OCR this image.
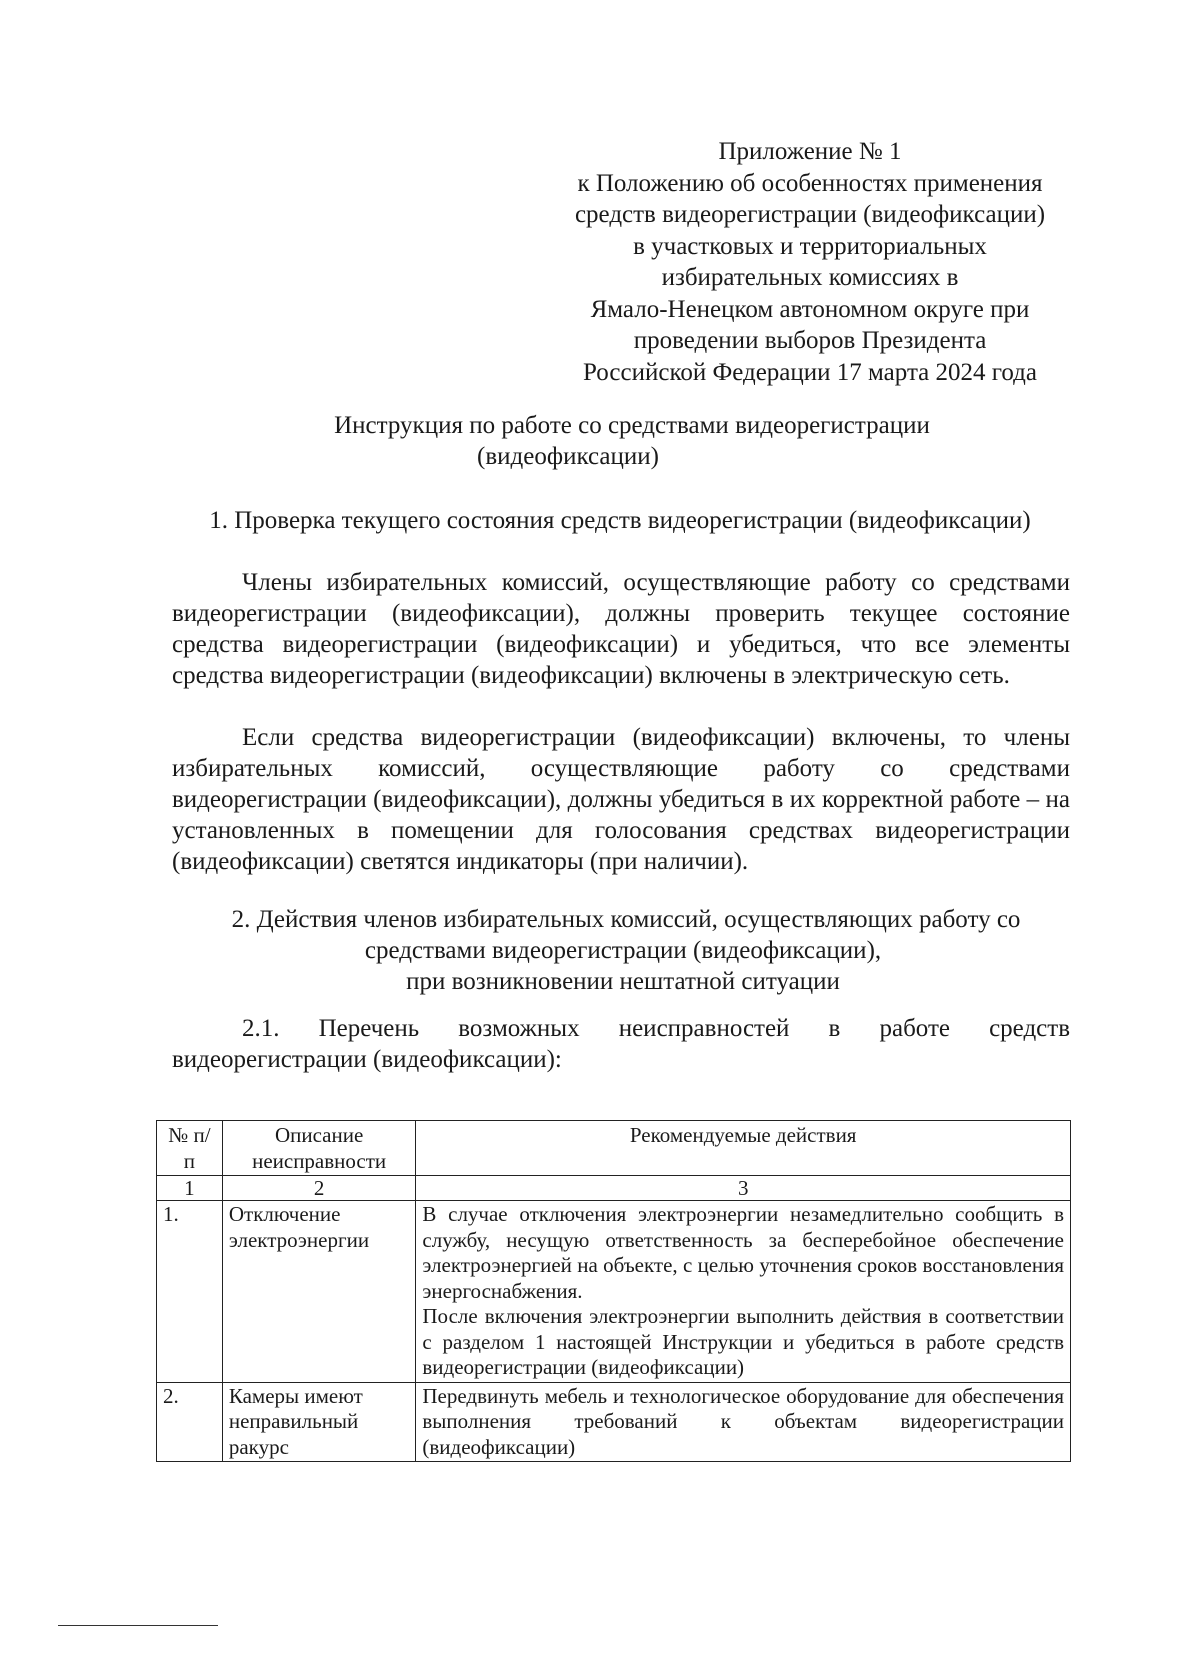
Приложение № 1
к Положению об особенностях применения
средств видеорегистрации (видеофиксации)
в участковых и территориальных
избирательных комиссиях в
Ямало-Ненецком автономном округе при
проведении выборов Президента
Российской Федерации 17 марта 2024 года
Инструкция по работе со средствами видеорегистрации
(видеофиксации)
1. Проверка текущего состояния средств видеорегистрации (видеофиксации)
Члены избирательных комиссий, осуществляющие работу со средствами видеорегистрации (видеофиксации), должны проверить текущее состояние средства видеорегистрации (видеофиксации) и убедиться, что все элементы средства видеорегистрации (видеофиксации) включены в электрическую сеть.
Если средства видеорегистрации (видеофиксации) включены, то члены избирательных комиссий, осуществляющие работу со средствами видеорегистрации (видеофиксации), должны убедиться в их корректной работе – на установленных в помещении для голосования средствах видеорегистрации (видеофиксации) светятся индикаторы (при наличии).
2. Действия членов избирательных комиссий, осуществляющих работу со
средствами видеорегистрации (видеофиксации),
при возникновении нештатной ситуации
2.1. Перечень возможных неисправностей в работе средств видеорегистрации (видеофиксации):
№ п/п	Описание неисправности	Рекомендуемые действия
1	2	3
1.	Отключение электроэнергии	В случае отключения электроэнергии незамедлительно сообщить в службу, несущую ответственность за бесперебойное обеспечение электроэнергией на объекте, с целью уточнения сроков восстановления энергоснабжения.

После включения электроэнергии выполнить действия в соответствии с разделом 1 настоящей Инструкции и убедиться в работе средств видеорегистрации (видеофиксации)

2.	Камеры имеют неправильный ракурс	Передвинуть мебель и технологическое оборудование для обеспечения выполнения требований к объектам видеорегистрации (видеофиксации)
